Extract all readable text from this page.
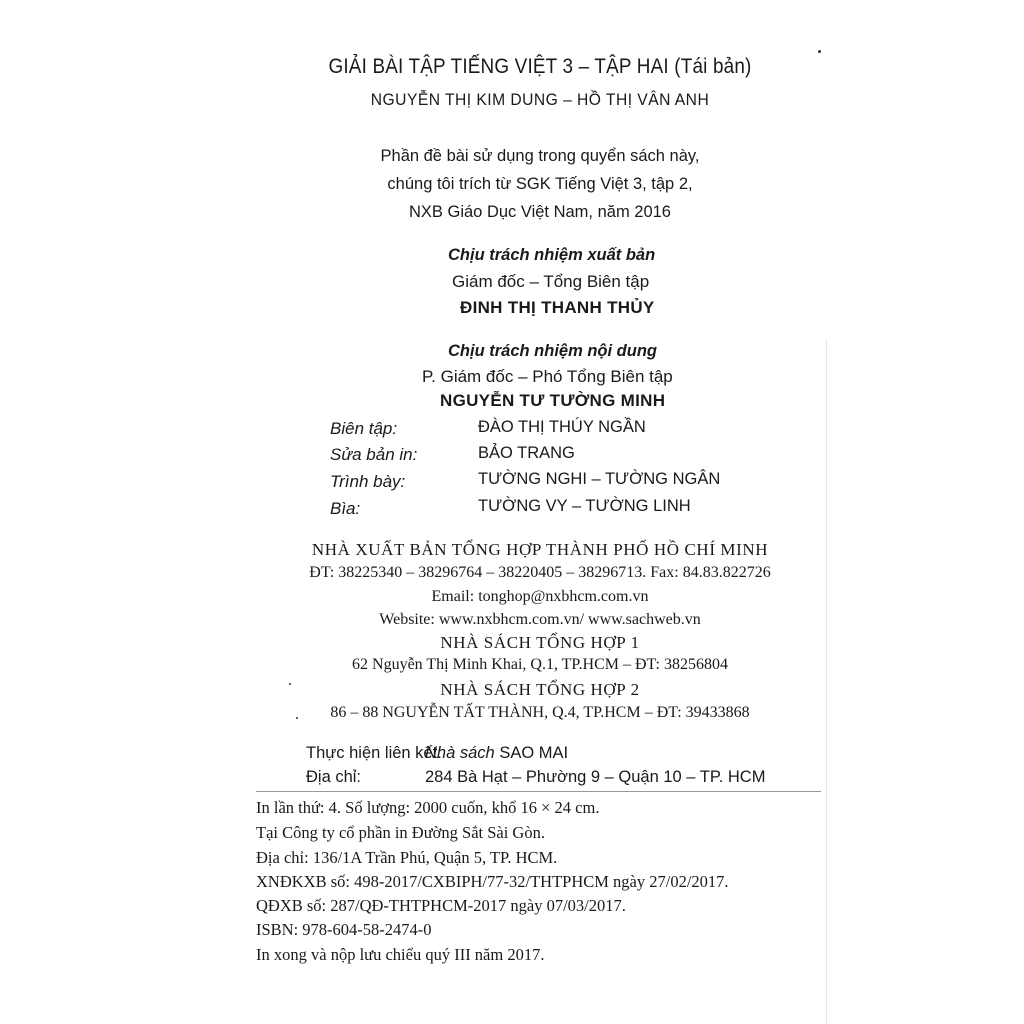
GIẢI BÀI TẬP TIẾNG VIỆT 3 – TẬP HAI (Tái bản)
NGUYỄN THỊ KIM DUNG – HỒ THỊ VÂN ANH
Phần đề bài sử dụng trong quyển sách này,
chúng tôi trích từ SGK Tiếng Việt 3, tập 2,
NXB Giáo Dục Việt Nam, năm 2016
Chịu trách nhiệm xuất bản
Giám đốc – Tổng Biên tập
ĐINH THỊ THANH THỦY
Chịu trách nhiệm nội dung
P. Giám đốc – Phó Tổng Biên tập
NGUYỄN TƯ TƯỜNG MINH
Biên tập:	ĐÀO THỊ THÚY NGẦN
Sửa bản in:	BẢO TRANG
Trình bày:	TƯỜNG NGHI – TƯỜNG NGÂN
Bìa:	TƯỜNG VY – TƯỜNG LINH
NHÀ XUẤT BẢN TỔNG HỢP THÀNH PHỐ HỒ CHÍ MINH
ĐT: 38225340 – 38296764 – 38220405 – 38296713. Fax: 84.83.822726
Email: tonghop@nxbhcm.com.vn
Website: www.nxbhcm.com.vn/ www.sachweb.vn
NHÀ SÁCH TỔNG HỢP 1
62 Nguyễn Thị Minh Khai, Q.1, TP.HCM – ĐT: 38256804
NHÀ SÁCH TỔNG HỢP 2
86 – 88 NGUYỄN TẤT THÀNH, Q.4, TP.HCM – ĐT: 39433868
Thực hiện liên kết:
Nhà sách SAO MAI
Địa chỉ:	284 Bà Hạt – Phường 9 – Quận 10 – TP. HCM
In lần thứ: 4. Số lượng: 2000 cuốn, khổ 16 × 24 cm.
Tại Công ty cổ phần in Đường Sắt Sài Gòn.
Địa chỉ: 136/1A Trần Phú, Quận 5, TP. HCM.
XNĐKXB số: 498-2017/CXBIPH/77-32/THTPHCM ngày 27/02/2017.
QĐXB số: 287/QĐ-THTPHCM-2017 ngày 07/03/2017.
ISBN: 978-604-58-2474-0
In xong và nộp lưu chiểu quý III năm 2017.
